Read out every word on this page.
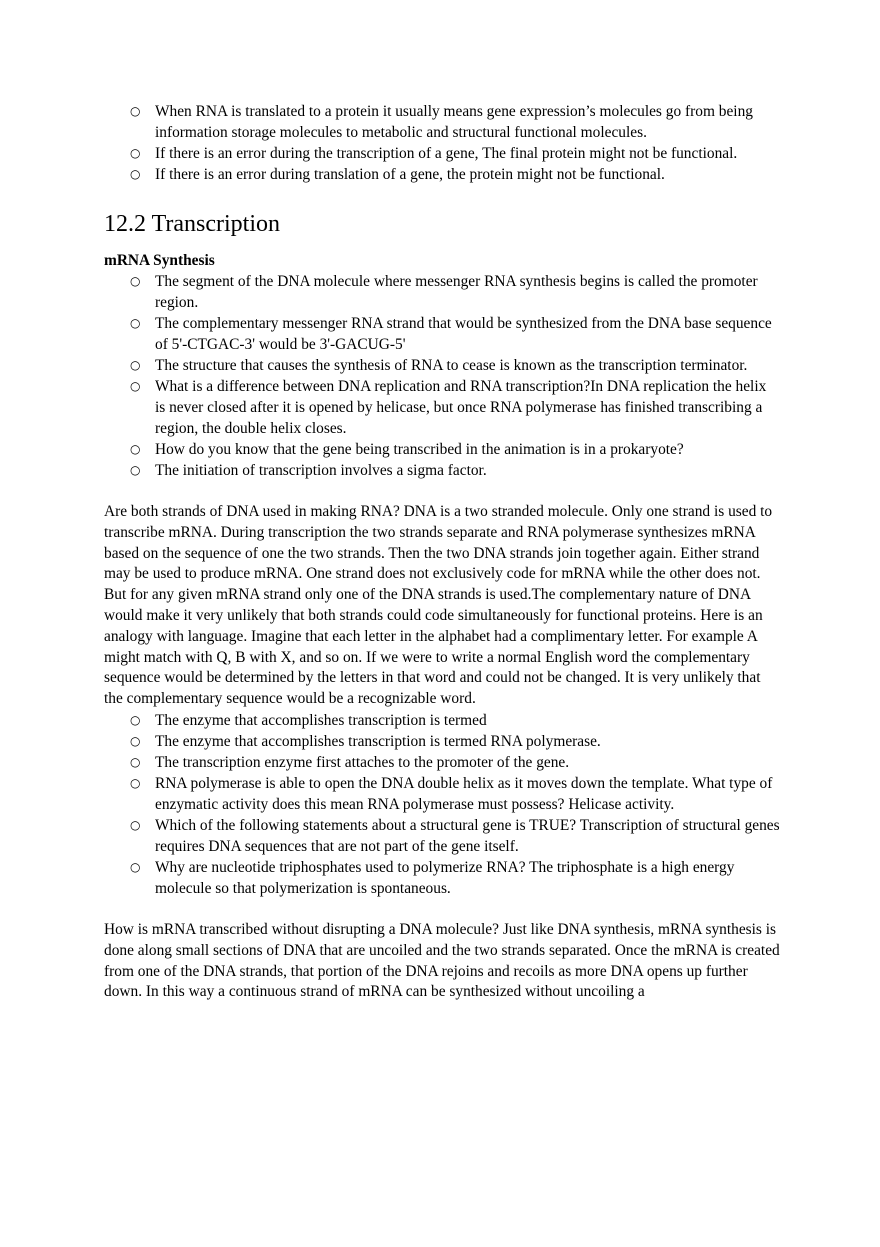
○ When RNA is translated to a protein it usually means gene expression’s molecules go from being information storage molecules to metabolic and structural functional molecules.
○ If there is an error during the transcription of a gene, The final protein might not be functional.
○ If there is an error during translation of a gene, the protein might not be functional.
12.2 Transcription
mRNA Synthesis
○ The segment of the DNA molecule where messenger RNA synthesis begins is called the promoter region.
○ The complementary messenger RNA strand that would be synthesized from the DNA base sequence of 5'-CTGAC-3' would be 3'-GACUG-5'
○ The structure that causes the synthesis of RNA to cease is known as the transcription terminator.
○ What is a difference between DNA replication and RNA transcription?In DNA replication the helix is never closed after it is opened by helicase, but once RNA polymerase has finished transcribing a region, the double helix closes.
○ How do you know that the gene being transcribed in the animation is in a prokaryote?
○ The initiation of transcription involves a sigma factor.

Are both strands of DNA used in making RNA? DNA is a two stranded molecule. Only one strand is used to transcribe mRNA. During transcription the two strands separate and RNA polymerase synthesizes mRNA based on the sequence of one the two strands. Then the two DNA strands join together again. Either strand may be used to produce mRNA. One strand does not exclusively code for mRNA while the other does not. But for any given mRNA strand only one of the DNA strands is used.The complementary nature of DNA would make it very unlikely that both strands could code simultaneously for functional proteins. Here is an analogy with language. Imagine that each letter in the alphabet had a complimentary letter. For example A might match with Q, B with X, and so on. If we were to write a normal English word the complementary sequence would be determined by the letters in that word and could not be changed. It is very unlikely that the complementary sequence would be a recognizable word.

○ The enzyme that accomplishes transcription is termed
○ The enzyme that accomplishes transcription is termed RNA polymerase.
○ The transcription enzyme first attaches to the promoter of the gene.
○ RNA polymerase is able to open the DNA double helix as it moves down the template. What type of enzymatic activity does this mean RNA polymerase must possess? Helicase activity.
○ Which of the following statements about a structural gene is TRUE? Transcription of structural genes requires DNA sequences that are not part of the gene itself.
○ Why are nucleotide triphosphates used to polymerize RNA? The triphosphate is a high energy molecule so that polymerization is spontaneous.

How is mRNA transcribed without disrupting a DNA molecule? Just like DNA synthesis, mRNA synthesis is done along small sections of DNA that are uncoiled and the two strands separated. Once the mRNA is created from one of the DNA strands, that portion of the DNA rejoins and recoils as more DNA opens up further down. In this way a continuous strand of mRNA can be synthesized without uncoiling a
